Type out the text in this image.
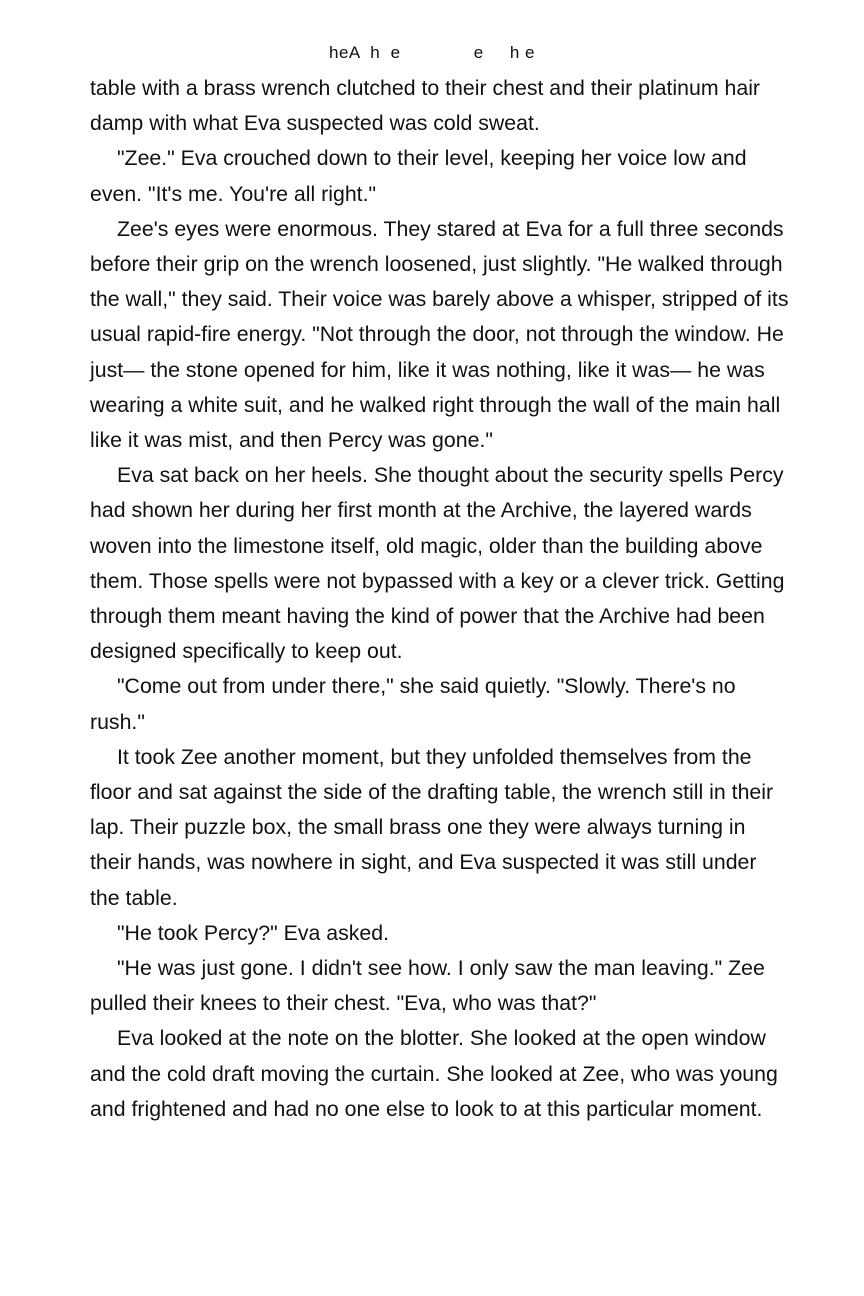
heA  h  e              e     h e

table with a brass wrench clutched to their chest and their platinum hair damp with what Eva suspected was cold sweat.

"Zee." Eva crouched down to their level, keeping her voice low and even. "It's me. You're all right."

Zee's eyes were enormous. They stared at Eva for a full three seconds before their grip on the wrench loosened, just slightly. "He walked through the wall," they said. Their voice was barely above a whisper, stripped of its usual rapid-fire energy. "Not through the door, not through the window. He just— the stone opened for him, like it was nothing, like it was— he was wearing a white suit, and he walked right through the wall of the main hall like it was mist, and then Percy was gone."

Eva sat back on her heels. She thought about the security spells Percy had shown her during her first month at the Archive, the layered wards woven into the limestone itself, old magic, older than the building above them. Those spells were not bypassed with a key or a clever trick. Getting through them meant having the kind of power that the Archive had been designed specifically to keep out.

"Come out from under there," she said quietly. "Slowly. There's no rush."

It took Zee another moment, but they unfolded themselves from the floor and sat against the side of the drafting table, the wrench still in their lap. Their puzzle box, the small brass one they were always turning in their hands, was nowhere in sight, and Eva suspected it was still under the table.

"He took Percy?" Eva asked.

"He was just gone. I didn't see how. I only saw the man leaving." Zee pulled their knees to their chest. "Eva, who was that?"

Eva looked at the note on the blotter. She looked at the open window and the cold draft moving the curtain. She looked at Zee, who was young and frightened and had no one else to look to at this particular moment.
